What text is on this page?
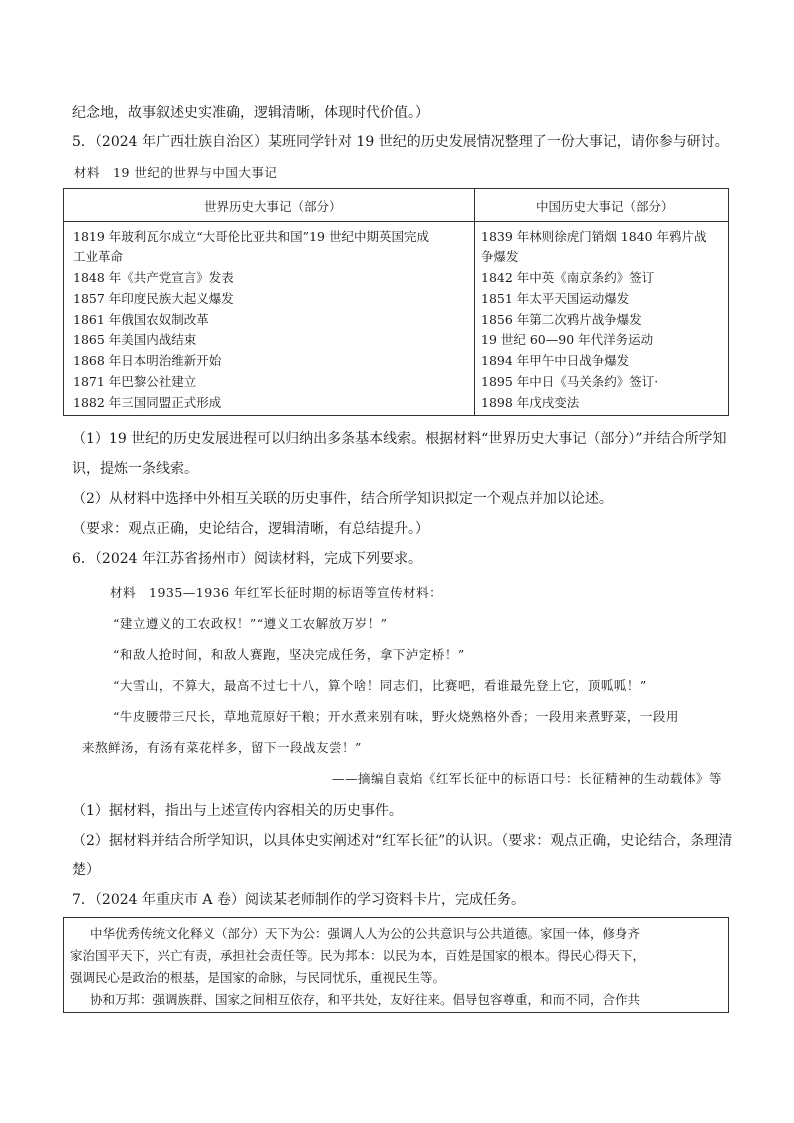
纪念地，故事叙述史实准确，逻辑清晰，体现时代价值。）
5．（2024 年广西壮族自治区）某班同学针对 19 世纪的历史发展情况整理了一份大事记，请你参与研讨。
材料　19 世纪的世界与中国大事记
世界历史大事记（部分）	中国历史大事记（部分）
1819 年玻利瓦尔成立“大哥伦比亚共和国”19 世纪中期英国完成
工业革命
1848 年《共产党宣言》发表
1857 年印度民族大起义爆发
1861 年俄国农奴制改革
1865 年美国内战结束
1868 年日本明治维新开始
1871 年巴黎公社建立
1882 年三国同盟正式形成
1839 年林则徐虎门销烟 1840 年鸦片战
争爆发
1842 年中英《南京条约》签订
1851 年太平天国运动爆发
1856 年第二次鸦片战争爆发
19 世纪 60—90 年代洋务运动
1894 年甲午中日战争爆发
1895 年中日《马关条约》签订·
1898 年戊戌变法
（1）19 世纪的历史发展进程可以归纳出多条基本线索。根据材料“世界历史大事记（部分）”并结合所学知
识，提炼一条线索。
（2）从材料中选择中外相互关联的历史事件，结合所学知识拟定一个观点并加以论述。
（要求：观点正确，史论结合，逻辑清晰，有总结提升。）
6．（2024 年江苏省扬州市）阅读材料，完成下列要求。
材料　1935—1936 年红军长征时期的标语等宣传材料：
“建立遵义的工农政权！”“遵义工农解放万岁！”
“和敌人抢时间，和敌人赛跑，坚决完成任务，拿下泸定桥！”
“大雪山，不算大，最高不过七十八，算个啥！同志们，比赛吧，看谁最先登上它，顶呱呱！”
“牛皮腰带三尺长，草地荒原好干粮；开水煮来别有味，野火烧熟格外香；一段用来煮野菜，一段用
来熬鲜汤，有汤有菜花样多，留下一段战友尝！”
——摘编自袁焰《红军长征中的标语口号：长征精神的生动载体》等
（1）据材料，指出与上述宣传内容相关的历史事件。
（2）据材料并结合所学知识，以具体史实阐述对“红军长征”的认识。（要求：观点正确，史论结合，条理清
楚）
7．（2024 年重庆市 A 卷）阅读某老师制作的学习资料卡片，完成任务。
中华优秀传统文化释义（部分）天下为公：强调人人为公的公共意识与公共道德。家国一体，修身齐
家治国平天下，兴亡有责，承担社会责任等。民为邦本：以民为本，百姓是国家的根本。得民心得天下，
强调民心是政治的根基，是国家的命脉，与民同忧乐，重视民生等。
协和万邦：强调族群、国家之间相互依存，和平共处，友好往来。倡导包容尊重，和而不同，合作共
